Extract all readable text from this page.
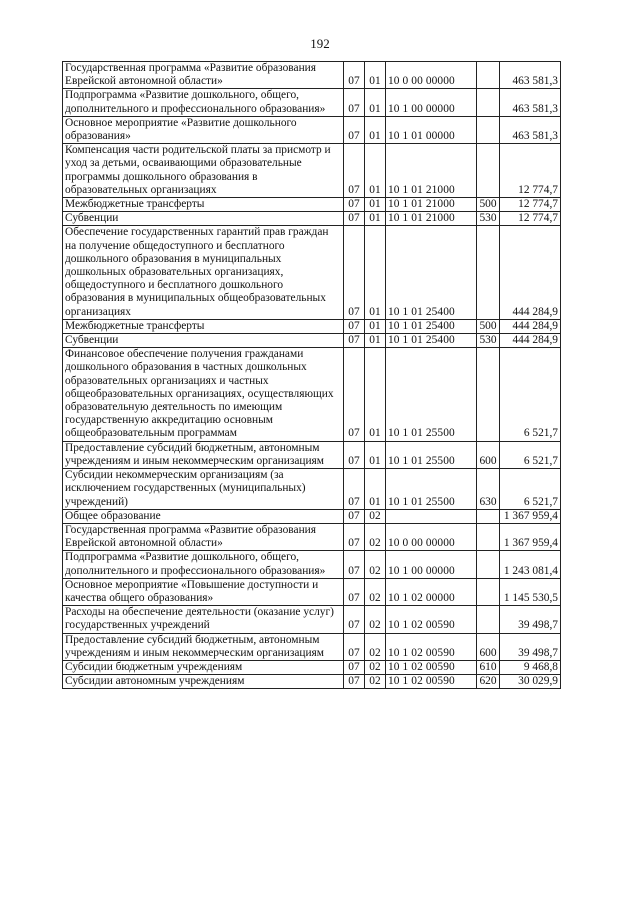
192
Государственная программа «Развитие образования Еврейской автономной области»	07	01	10 0 00 00000		463 581,3
Подпрограмма «Развитие дошкольного, общего, дополнительного и профессионального образования»	07	01	10 1 00 00000		463 581,3
Основное мероприятие «Развитие дошкольного образования»	07	01	10 1 01 00000		463 581,3
Компенсация части родительской платы за присмотр и уход за детьми, осваивающими образовательные программы дошкольного образования в образовательных организациях	07	01	10 1 01 21000		12 774,7
Межбюджетные трансферты	07	01	10 1 01 21000	500	12 774,7
Субвенции	07	01	10 1 01 21000	530	12 774,7
Обеспечение государственных гарантий прав граждан на получение общедоступного и бесплатного дошкольного образования в муниципальных дошкольных образовательных организациях, общедоступного и бесплатного дошкольного образования в муниципальных общеобразовательных организациях	07	01	10 1 01 25400		444 284,9
Межбюджетные трансферты	07	01	10 1 01 25400	500	444 284,9
Субвенции	07	01	10 1 01 25400	530	444 284,9
Финансовое обеспечение получения гражданами дошкольного образования в частных дошкольных образовательных организациях и частных общеобразовательных организациях, осуществляющих образовательную деятельность по имеющим государственную аккредитацию основным общеобразовательным программам	07	01	10 1 01 25500		6 521,7
Предоставление субсидий бюджетным, автономным учреждениям и иным некоммерческим организациям	07	01	10 1 01 25500	600	6 521,7
Субсидии некоммерческим организациям (за исключением государственных (муниципальных) учреждений)	07	01	10 1 01 25500	630	6 521,7
Общее образование	07	02			1 367 959,4
Государственная программа «Развитие образования Еврейской автономной области»	07	02	10 0 00 00000		1 367 959,4
Подпрограмма «Развитие дошкольного, общего, дополнительного и профессионального образования»	07	02	10 1 00 00000		1 243 081,4
Основное мероприятие «Повышение доступности и качества общего образования»	07	02	10 1 02 00000		1 145 530,5
Расходы на обеспечение деятельности (оказание услуг) государственных учреждений	07	02	10 1 02 00590		39 498,7
Предоставление субсидий бюджетным, автономным учреждениям и иным некоммерческим организациям	07	02	10 1 02 00590	600	39 498,7
Субсидии бюджетным учреждениям	07	02	10 1 02 00590	610	9 468,8
Субсидии автономным учреждениям	07	02	10 1 02 00590	620	30 029,9
